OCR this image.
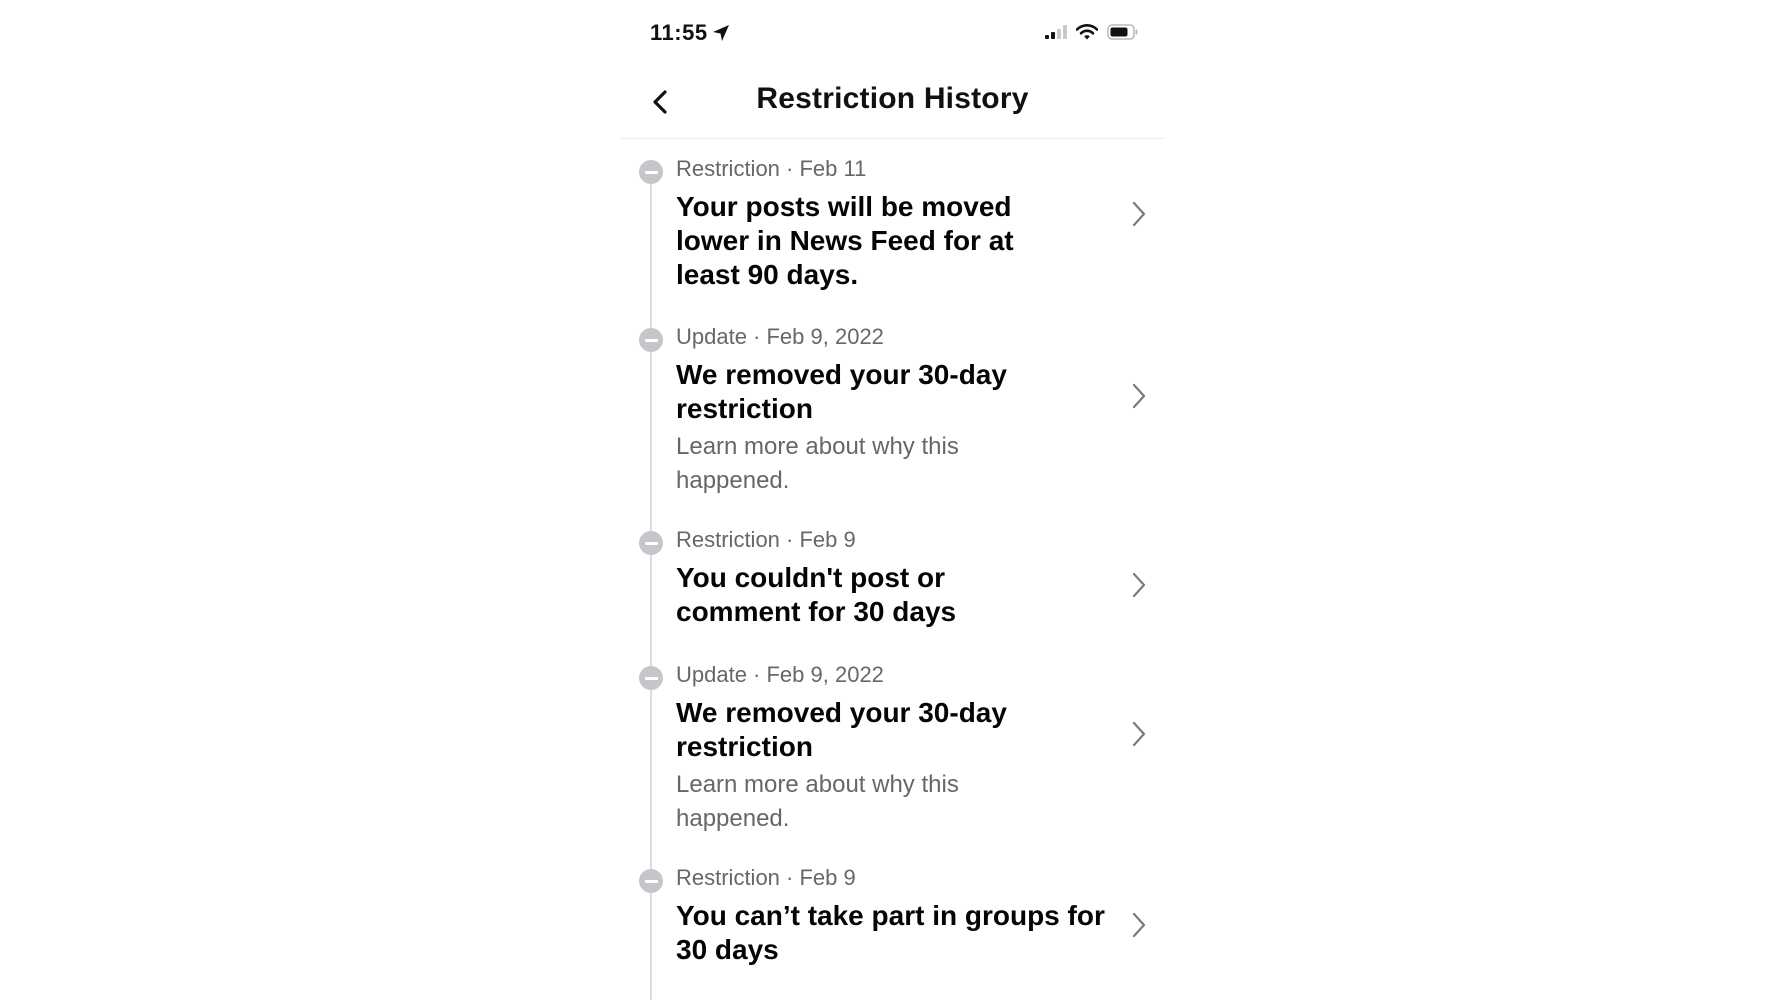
11:55
Restriction History
Restriction · Feb 11
Your posts will be moved lower in News Feed for at least 90 days.
Update · Feb 9, 2022
We removed your 30-day restriction
Learn more about why this happened.
Restriction · Feb 9
You couldn't post or comment for 30 days
Update · Feb 9, 2022
We removed your 30-day restriction
Learn more about why this happened.
Restriction · Feb 9
You can’t take part in groups for 30 days
